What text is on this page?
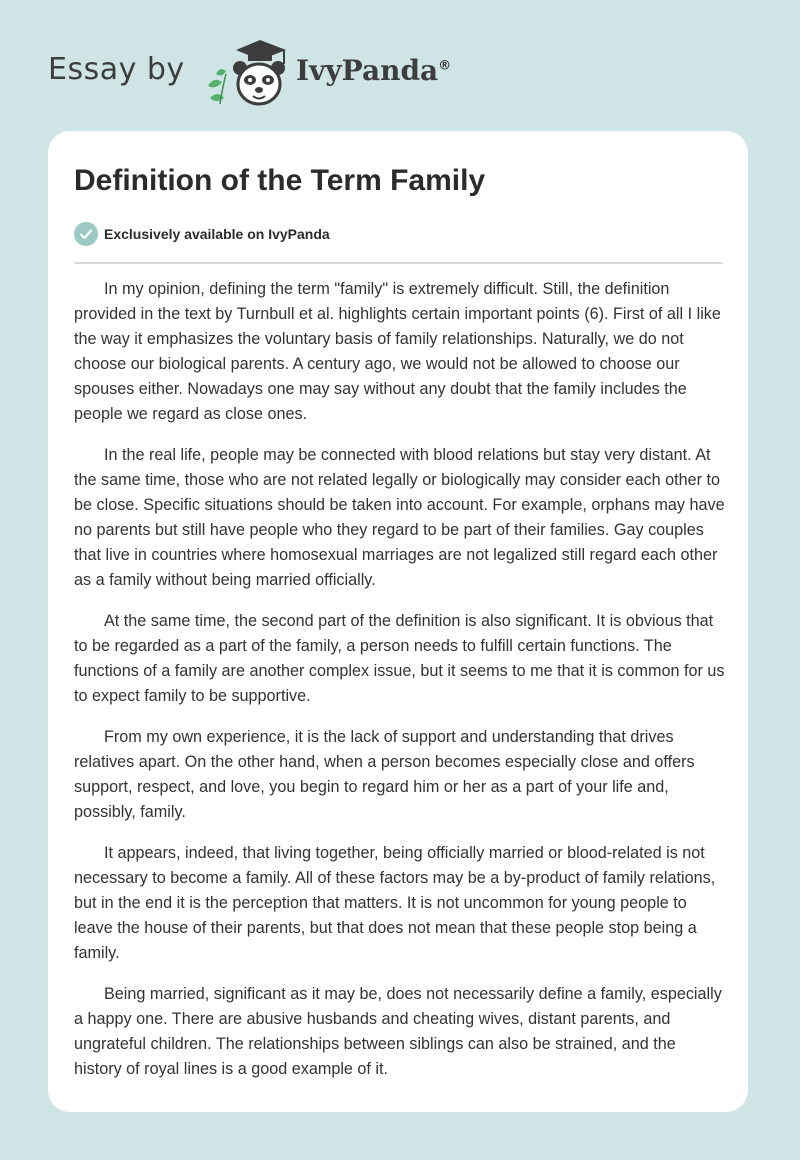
Essay by	IvyPanda®
Definition of the Term Family
Exclusively available on IvyPanda

In my opinion, defining the term "family" is extremely difficult. Still, the definition provided in the text by Turnbull et al. highlights certain important points (6). First of all I like the way it emphasizes the voluntary basis of family relationships. Naturally, we do not choose our biological parents. A century ago, we would not be allowed to choose our spouses either. Nowadays one may say without any doubt that the family includes the people we regard as close ones.

In the real life, people may be connected with blood relations but stay very distant. At the same time, those who are not related legally or biologically may consider each other to be close. Specific situations should be taken into account. For example, orphans may have no parents but still have people who they regard to be part of their families. Gay couples that live in countries where homosexual marriages are not legalized still regard each other as a family without being married officially.

At the same time, the second part of the definition is also significant. It is obvious that to be regarded as a part of the family, a person needs to fulfill certain functions. The functions of a family are another complex issue, but it seems to me that it is common for us to expect family to be supportive.

From my own experience, it is the lack of support and understanding that drives relatives apart. On the other hand, when a person becomes especially close and offers support, respect, and love, you begin to regard him or her as a part of your life and, possibly, family.

It appears, indeed, that living together, being officially married or blood-related is not necessary to become a family. All of these factors may be a by-product of family relations, but in the end it is the perception that matters. It is not uncommon for young people to leave the house of their parents, but that does not mean that these people stop being a family.

Being married, significant as it may be, does not necessarily define a family, especially a happy one. There are abusive husbands and cheating wives, distant parents, and ungrateful children. The relationships between siblings can also be strained, and the history of royal lines is a good example of it.
